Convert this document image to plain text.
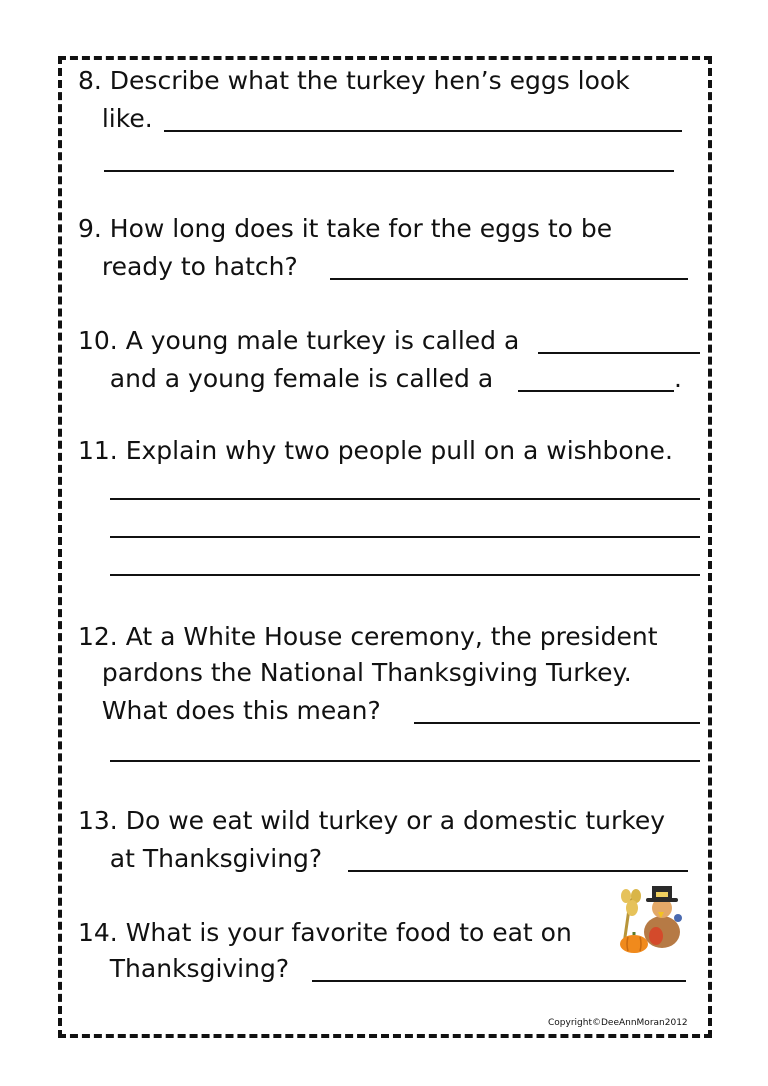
8. Describe what the turkey hen’s eggs look
like.
9. How long does it take for the eggs to be
ready to hatch?
10. A young male turkey is called a
and a young female is called a	.
11. Explain why two people pull on a wishbone.
12. At a White House ceremony, the president
pardons the National Thanksgiving Turkey.
What does this mean?
13. Do we eat wild turkey or a domestic turkey
at Thanksgiving?
14. What is your favorite food to eat on
Thanksgiving?
Copyright©DeeAnnMoran2012
